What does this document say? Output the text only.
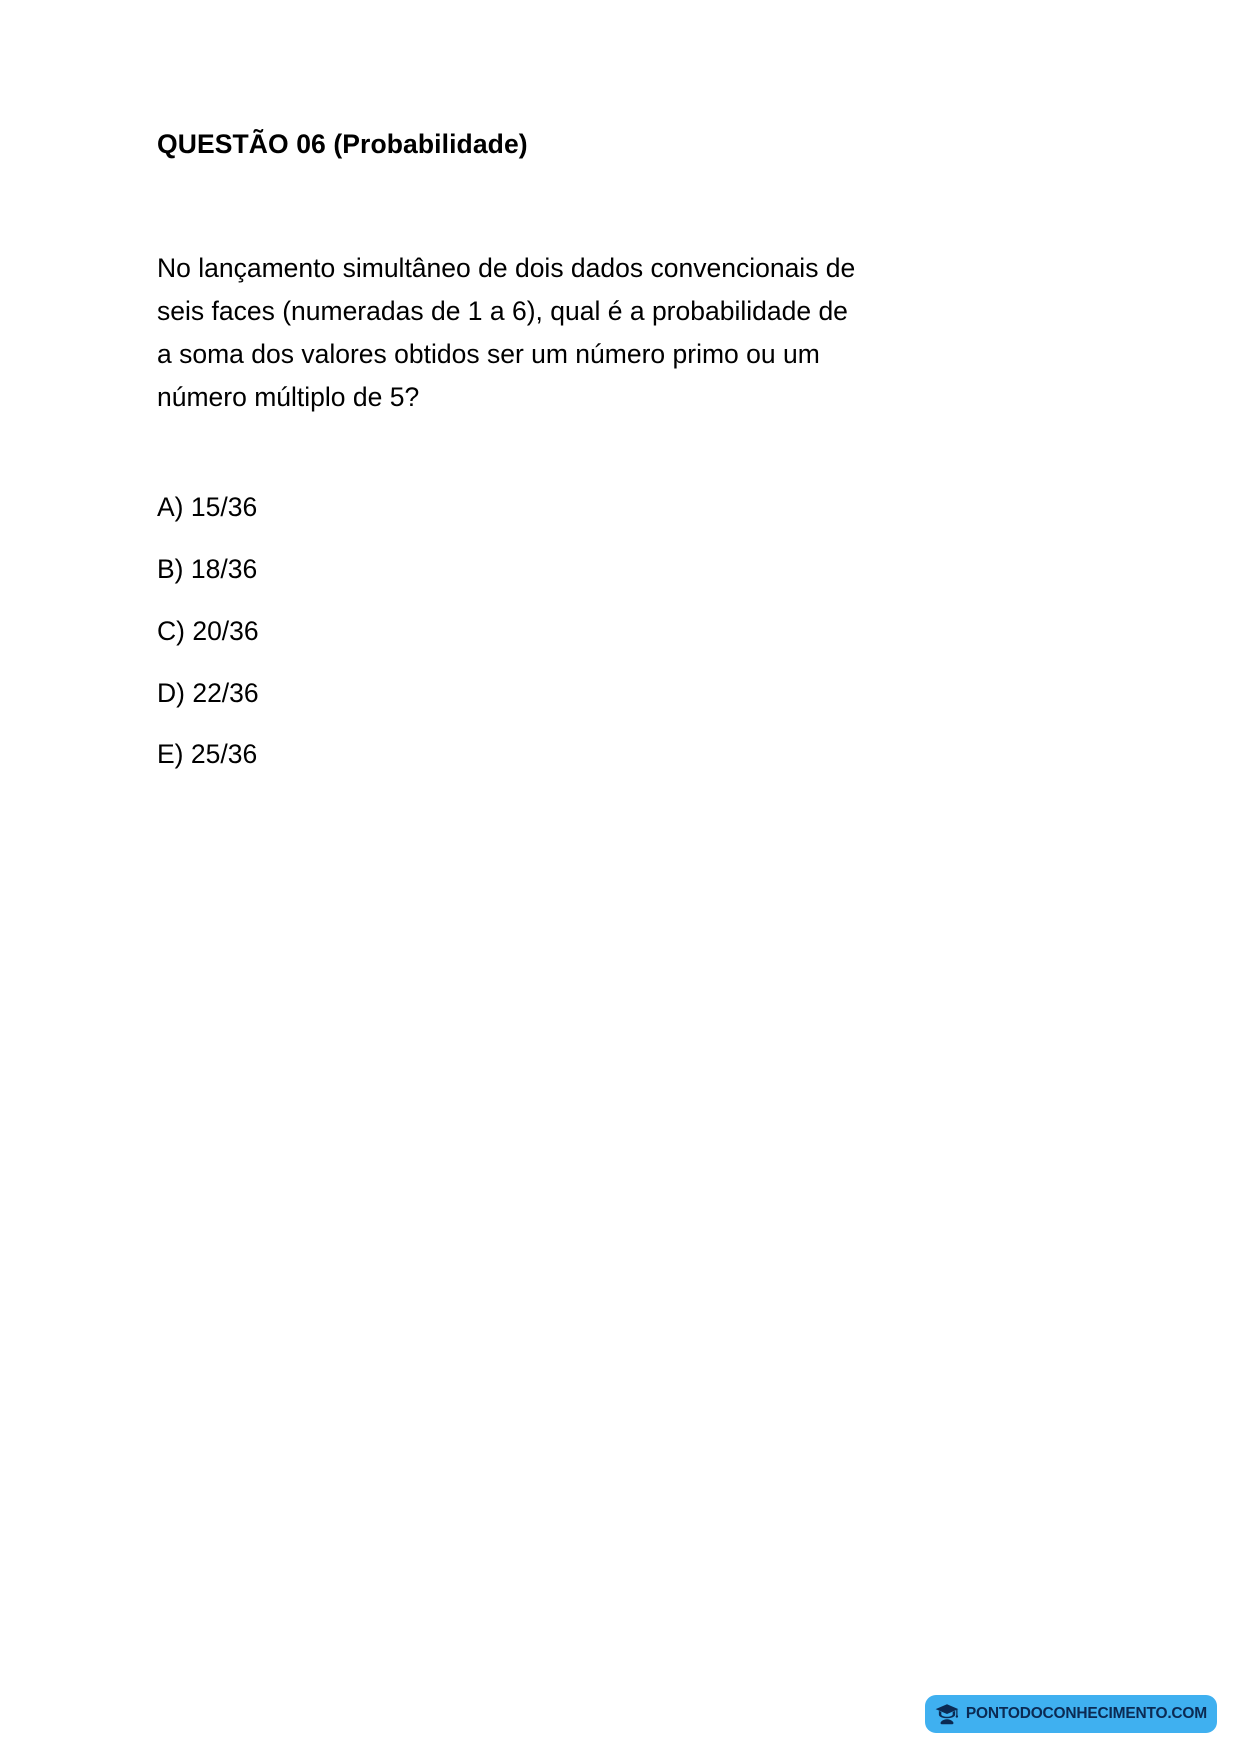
QUESTÃO 06 (Probabilidade)

No lançamento simultâneo de dois dados convencionais de
seis faces (numeradas de 1 a 6), qual é a probabilidade de
a soma dos valores obtidos ser um número primo ou um
número múltiplo de 5?

A) 15/36
B) 18/36
C) 20/36
D) 22/36
E) 25/36
PONTODOCONHECIMENTO.COM
